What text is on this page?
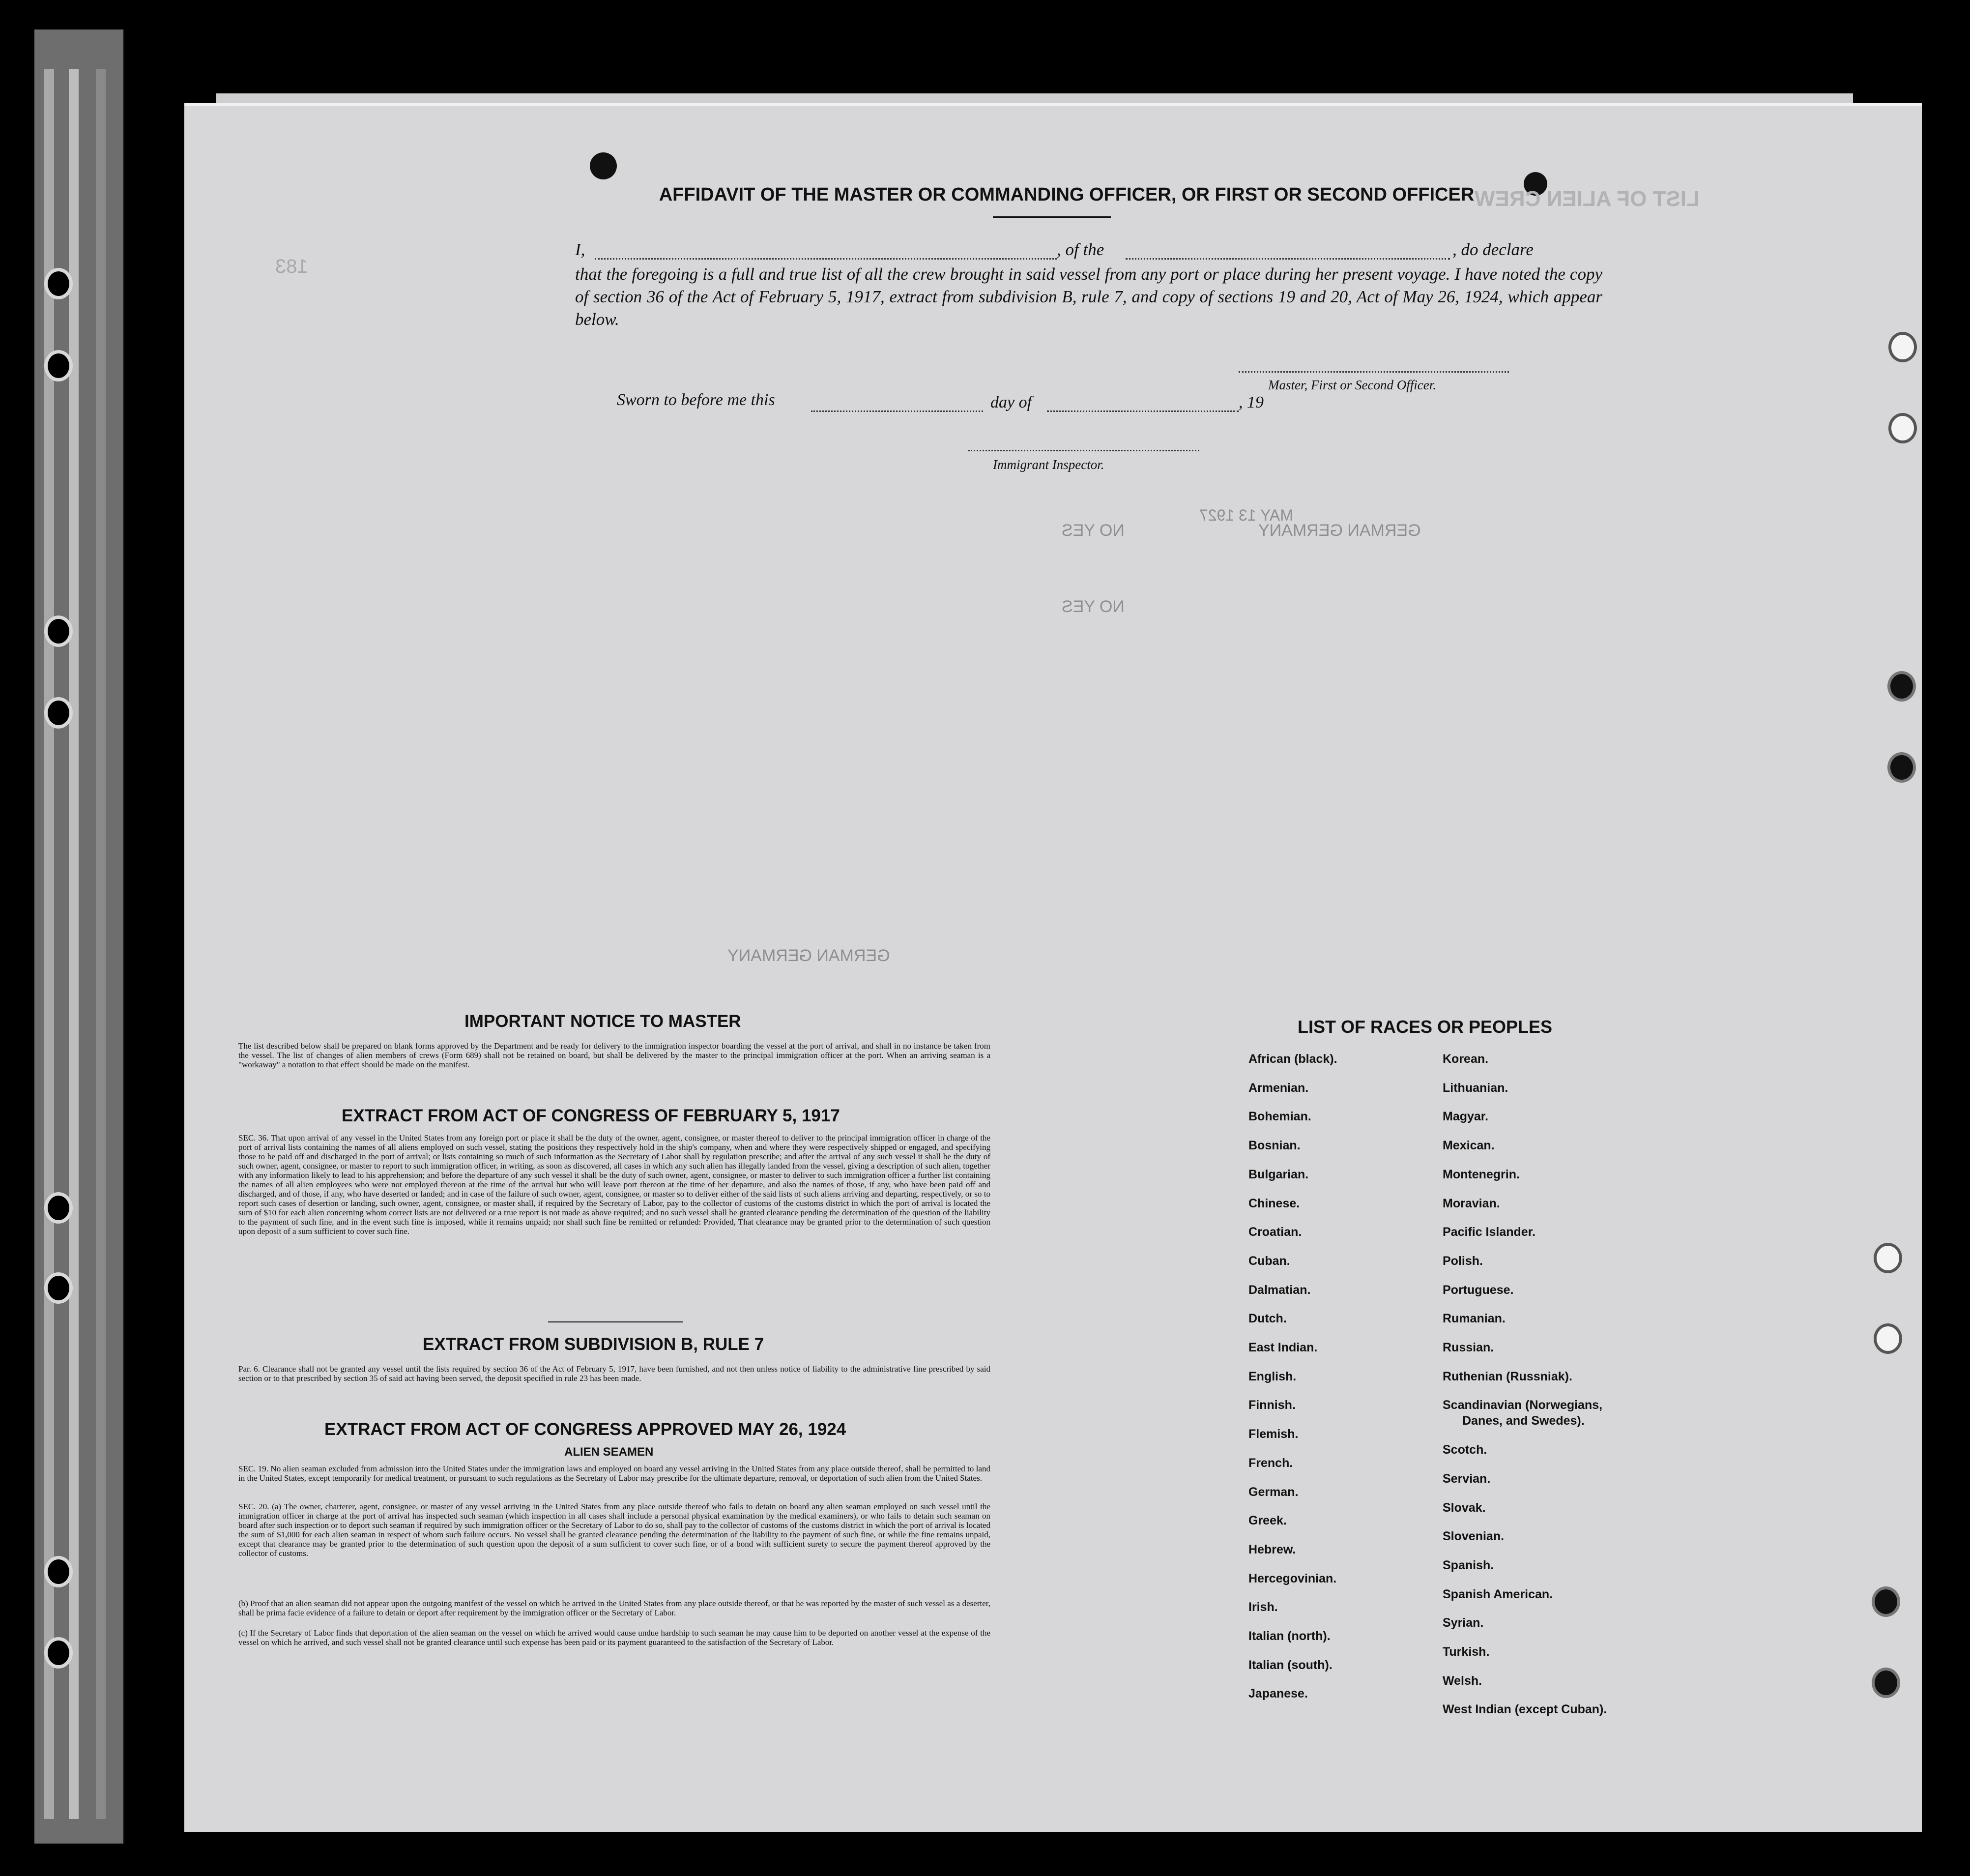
LIST OF ALIEN CREW
183
MAY 13 1927
NO YES
NO YES
GERMAN GERMANY
GERMAN GERMANY
AFFIDAVIT OF THE MASTER OR COMMANDING OFFICER, OR FIRST OR SECOND OFFICER
I,	, of the	, do declare
that the foregoing is a full and true list of all the crew brought in said vessel from any port or place during her present voyage. I have noted the copy of section 36 of the Act of February 5, 1917, extract from subdivision B, rule 7, and copy of sections 19 and 20, Act of May 26, 1924, which appear below.
Master, First or Second Officer.
Sworn to before me this	day of	, 19
Immigrant Inspector.
IMPORTANT NOTICE TO MASTER
The list described below shall be prepared on blank forms approved by the Department and be ready for delivery to the immigration inspector boarding the vessel at the port of arrival, and shall in no instance be taken from the vessel. The list of changes of alien members of crews (Form 689) shall not be retained on board, but shall be delivered by the master to the principal immigration officer at the port. When an arriving seaman is a "workaway" a notation to that effect should be made on the manifest.
EXTRACT FROM ACT OF CONGRESS OF FEBRUARY 5, 1917
SEC. 36. That upon arrival of any vessel in the United States from any foreign port or place it shall be the duty of the owner, agent, consignee, or master thereof to deliver to the principal immigration officer in charge of the port of arrival lists containing the names of all aliens employed on such vessel, stating the positions they respectively hold in the ship's company, when and where they were respectively shipped or engaged, and specifying those to be paid off and discharged in the port of arrival; or lists containing so much of such information as the Secretary of Labor shall by regulation prescribe; and after the arrival of any such vessel it shall be the duty of such owner, agent, consignee, or master to report to such immigration officer, in writing, as soon as discovered, all cases in which any such alien has illegally landed from the vessel, giving a description of such alien, together with any information likely to lead to his apprehension; and before the departure of any such vessel it shall be the duty of such owner, agent, consignee, or master to deliver to such immigration officer a further list containing the names of all alien employees who were not employed thereon at the time of the arrival but who will leave port thereon at the time of her departure, and also the names of those, if any, who have been paid off and discharged, and of those, if any, who have deserted or landed; and in case of the failure of such owner, agent, consignee, or master so to deliver either of the said lists of such aliens arriving and departing, respectively, or so to report such cases of desertion or landing, such owner, agent, consignee, or master shall, if required by the Secretary of Labor, pay to the collector of customs of the customs district in which the port of arrival is located the sum of $10 for each alien concerning whom correct lists are not delivered or a true report is not made as above required; and no such vessel shall be granted clearance pending the determination of the question of the liability to the payment of such fine, and in the event such fine is imposed, while it remains unpaid; nor shall such fine be remitted or refunded: Provided, That clearance may be granted prior to the determination of such question upon deposit of a sum sufficient to cover such fine.
EXTRACT FROM SUBDIVISION B, RULE 7
Par. 6. Clearance shall not be granted any vessel until the lists required by section 36 of the Act of February 5, 1917, have been furnished, and not then unless notice of liability to the administrative fine prescribed by said section or to that prescribed by section 35 of said act having been served, the deposit specified in rule 23 has been made.
EXTRACT FROM ACT OF CONGRESS APPROVED MAY 26, 1924
ALIEN SEAMEN
SEC. 19. No alien seaman excluded from admission into the United States under the immigration laws and employed on board any vessel arriving in the United States from any place outside thereof, shall be permitted to land in the United States, except temporarily for medical treatment, or pursuant to such regulations as the Secretary of Labor may prescribe for the ultimate departure, removal, or deportation of such alien from the United States.
SEC. 20. (a) The owner, charterer, agent, consignee, or master of any vessel arriving in the United States from any place outside thereof who fails to detain on board any alien seaman employed on such vessel until the immigration officer in charge at the port of arrival has inspected such seaman (which inspection in all cases shall include a personal physical examination by the medical examiners), or who fails to detain such seaman on board after such inspection or to deport such seaman if required by such immigration officer or the Secretary of Labor to do so, shall pay to the collector of customs of the customs district in which the port of arrival is located the sum of $1,000 for each alien seaman in respect of whom such failure occurs. No vessel shall be granted clearance pending the determination of the liability to the payment of such fine, or while the fine remains unpaid, except that clearance may be granted prior to the determination of such question upon the deposit of a sum sufficient to cover such fine, or of a bond with sufficient surety to secure the payment thereof approved by the collector of customs.
(b) Proof that an alien seaman did not appear upon the outgoing manifest of the vessel on which he arrived in the United States from any place outside thereof, or that he was reported by the master of such vessel as a deserter, shall be prima facie evidence of a failure to detain or deport after requirement by the immigration officer or the Secretary of Labor.
(c) If the Secretary of Labor finds that deportation of the alien seaman on the vessel on which he arrived would cause undue hardship to such seaman he may cause him to be deported on another vessel at the expense of the vessel on which he arrived, and such vessel shall not be granted clearance until such expense has been paid or its payment guaranteed to the satisfaction of the Secretary of Labor.
LIST OF RACES OR PEOPLES
African (black).
Armenian.
Bohemian.
Bosnian.
Bulgarian.
Chinese.
Croatian.
Cuban.
Dalmatian.
Dutch.
East Indian.
English.
Finnish.
Flemish.
French.
German.
Greek.
Hebrew.
Hercegovinian.
Irish.
Italian (north).
Italian (south).
Japanese.
Korean.
Lithuanian.
Magyar.
Mexican.
Montenegrin.
Moravian.
Pacific Islander.
Polish.
Portuguese.
Rumanian.
Russian.
Ruthenian (Russniak).
Scandinavian (Norwegians,
Danes, and Swedes).
Scotch.
Servian.
Slovak.
Slovenian.
Spanish.
Spanish American.
Syrian.
Turkish.
Welsh.
West Indian (except Cuban).
